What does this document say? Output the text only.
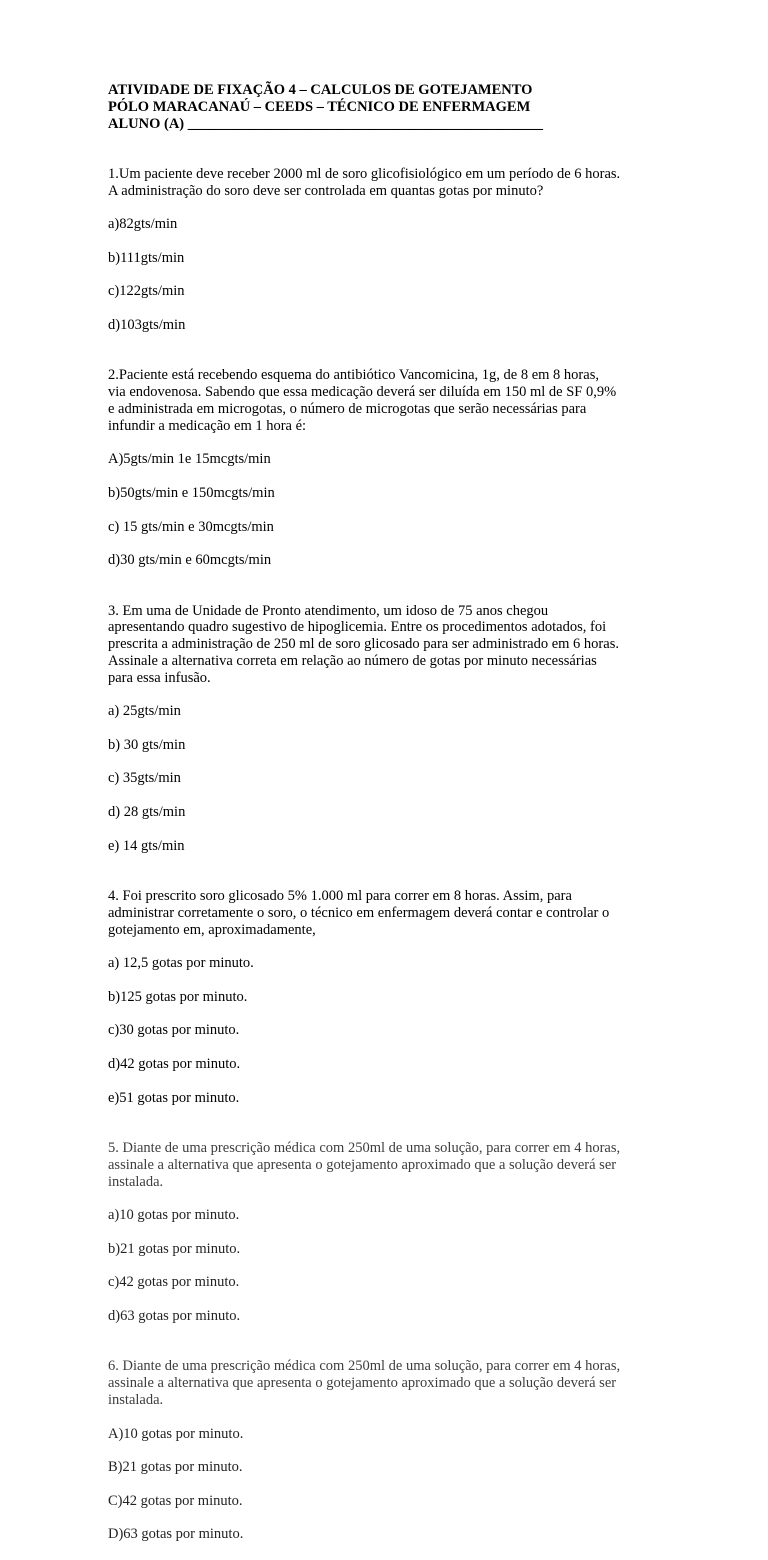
ATIVIDADE DE FIXAÇÃO 4 – CALCULOS DE GOTEJAMENTO
PÓLO MARACANAÚ – CEEDS – TÉCNICO DE ENFERMAGEM
ALUNO (A) _________________________________________________

1.Um paciente deve receber 2000 ml de soro glicofisiológico em um período de 6 horas.
A administração do soro deve ser controlada em quantas gotas por minuto?

a)82gts/min

b)111gts/min

c)122gts/min

d)103gts/min

2.Paciente está recebendo esquema do antibiótico Vancomicina, 1g, de 8 em 8 horas,
via endovenosa. Sabendo que essa medicação deverá ser diluída em 150 ml de SF 0,9%
e administrada em microgotas, o número de microgotas que serão necessárias para
infundir a medicação em 1 hora é:

A)5gts/min 1e 15mcgts/min

b)50gts/min e 150mcgts/min

c) 15 gts/min e 30mcgts/min

d)30 gts/min e 60mcgts/min

3. Em uma de Unidade de Pronto atendimento, um idoso de 75 anos chegou
apresentando quadro sugestivo de hipoglicemia. Entre os procedimentos adotados, foi
prescrita a administração de 250 ml de soro glicosado para ser administrado em 6 horas.
Assinale a alternativa correta em relação ao número de gotas por minuto necessárias
para essa infusão.

a) 25gts/min

b) 30 gts/min

c) 35gts/min

d) 28 gts/min

e) 14 gts/min

4. Foi prescrito soro glicosado 5% 1.000 ml para correr em 8 horas. Assim, para
administrar corretamente o soro, o técnico em enfermagem deverá contar e controlar o
gotejamento em, aproximadamente,

a) 12,5 gotas por minuto.

b)125 gotas por minuto.

c)30 gotas por minuto.

d)42 gotas por minuto.

e)51 gotas por minuto.

5. Diante de uma prescrição médica com 250ml de uma solução, para correr em 4 horas,
assinale a alternativa que apresenta o gotejamento aproximado que a solução deverá ser
instalada.

a)10 gotas por minuto.

b)21 gotas por minuto.

c)42 gotas por minuto.

d)63 gotas por minuto.

6. Diante de uma prescrição médica com 250ml de uma solução, para correr em 4 horas,
assinale a alternativa que apresenta o gotejamento aproximado que a solução deverá ser
instalada.

A)10 gotas por minuto.

B)21 gotas por minuto.

C)42 gotas por minuto.

D)63 gotas por minuto.
